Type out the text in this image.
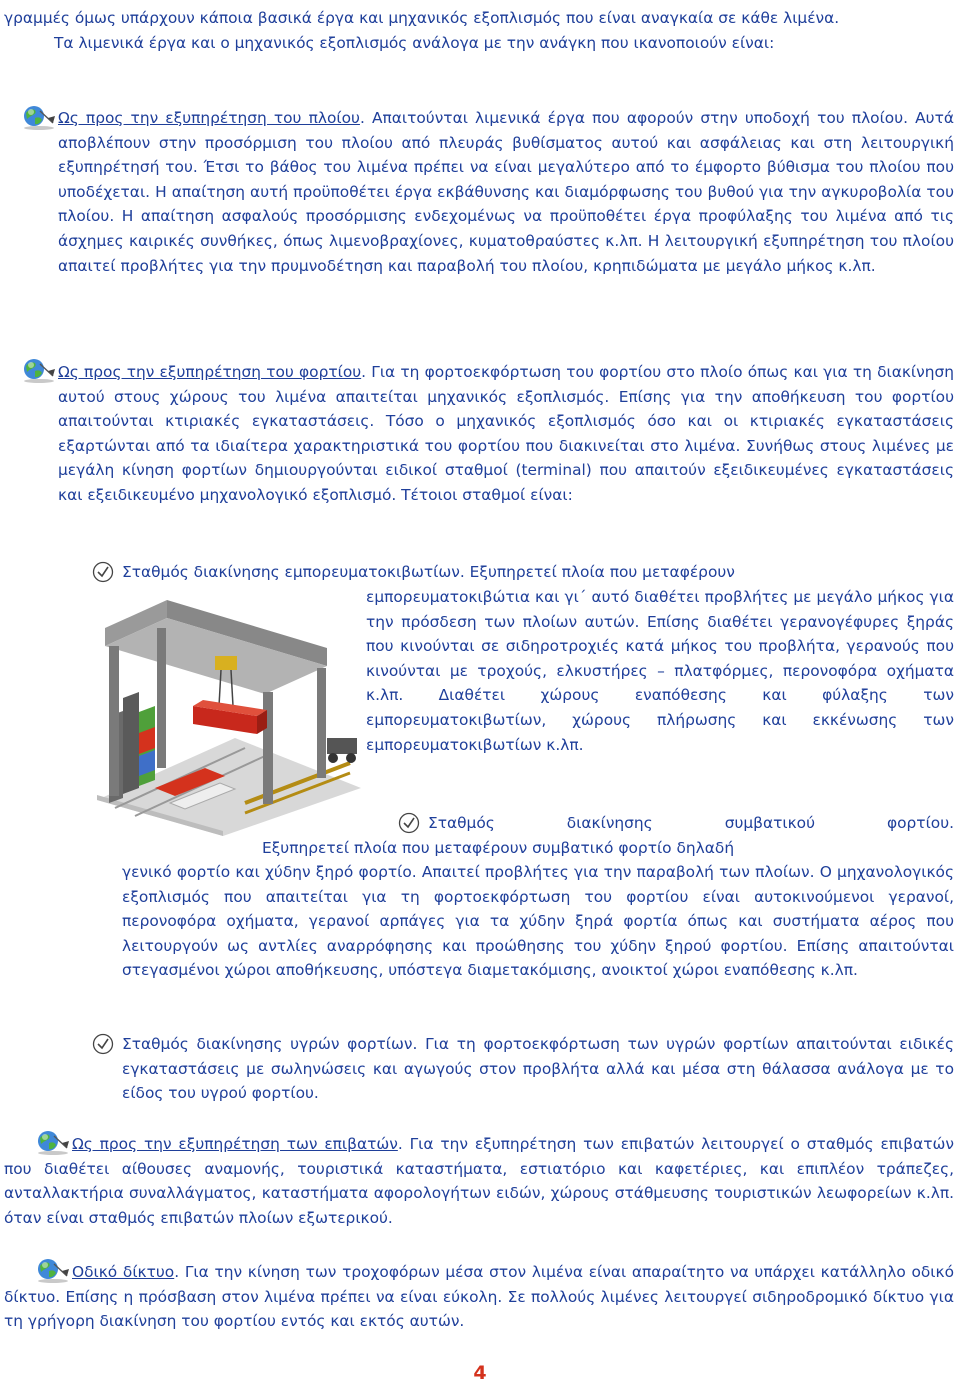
γραμμές όμως υπάρχουν κάποια βασικά έργα και μηχανικός εξοπλισμός που είναι αναγκαία σε κάθε λιμένα.

Τα λιμενικά έργα και ο μηχανικός εξοπλισμός ανάλογα με την ανάγκη που ικανοποιούν είναι:

Ως προς την εξυπηρέτηση του πλοίου. Απαιτούνται λιμενικά έργα που αφορούν στην υποδοχή του πλοίου. Αυτά αποβλέπουν στην προσόρμιση του πλοίου από πλευράς βυθίσματος αυτού και ασφάλειας και στη λειτουργική εξυπηρέτησή του. Έτσι το βάθος του λιμένα πρέπει να είναι μεγαλύτερο από το έμφορτο βύθισμα του πλοίου που υποδέχεται. Η απαίτηση αυτή προϋποθέτει έργα εκβάθυνσης και διαμόρφωσης του βυθού για την αγκυροβολία του πλοίου. Η απαίτηση ασφαλούς προσόρμισης ενδεχομένως να προϋποθέτει έργα προφύλαξης του λιμένα από τις άσχημες καιρικές συνθήκες, όπως λιμενοβραχίονες, κυματοθραύστες κ.λπ. Η λειτουργική εξυπηρέτηση του πλοίου απαιτεί προβλήτες για την πρυμνοδέτηση και παραβολή του πλοίου, κρηπιδώματα με μεγάλο μήκος κ.λπ.

Ως προς την εξυπηρέτηση του φορτίου. Για τη φορτοεκφόρτωση του φορτίου στο πλοίο όπως και για τη διακίνηση αυτού στους χώρους του λιμένα απαιτείται μηχανικός εξοπλισμός. Επίσης για την αποθήκευση του φορτίου απαιτούνται κτιριακές εγκαταστάσεις. Τόσο ο μηχανικός εξοπλισμός όσο και οι κτιριακές εγκαταστάσεις εξαρτώνται από τα ιδιαίτερα χαρακτηριστικά του φορτίου που διακινείται στο λιμένα. Συνήθως στους λιμένες με μεγάλη κίνηση φορτίων δημιουργούνται ειδικοί σταθμοί (terminal) που απαιτούν εξειδικευμένες εγκαταστάσεις και εξειδικευμένο μηχανολογικό εξοπλισμό. Τέτοιοι σταθμοί είναι:

Σταθμός διακίνησης εμπορευματοκιβωτίων. Εξυπηρετεί πλοία που μεταφέρουν

εμπορευματοκιβώτια και γι΄ αυτό διαθέτει προβλήτες με μεγάλο μήκος για την πρόσδεση των πλοίων αυτών. Επίσης διαθέτει γερανογέφυρες ξηράς που κινούνται σε σιδηροτροχιές κατά μήκος του προβλήτα, γερανούς που κινούνται με τροχούς, ελκυστήρες – πλατφόρμες, περονοφόρα οχήματα κ.λπ. Διαθέτει χώρους εναπόθεσης και φύλαξης των εμπορευματοκιβωτίων, χώρους πλήρωσης και εκκένωσης των εμπορευματοκιβωτίων κ.λπ.

Σταθμός διακίνησης συμβατικού φορτίου.

Εξυπηρετεί πλοία που μεταφέρουν συμβατικό φορτίο δηλαδή

γενικό φορτίο και χύδην ξηρό φορτίο. Απαιτεί προβλήτες για την παραβολή των πλοίων. Ο μηχανολογικός εξοπλισμός που απαιτείται για τη φορτοεκφόρτωση του φορτίου είναι αυτοκινούμενοι γερανοί, περονοφόρα οχήματα, γερανοί αρπάγες για τα χύδην ξηρά φορτία όπως και συστήματα αέρος που λειτουργούν ως αντλίες αναρρόφησης και προώθησης του χύδην ξηρού φορτίου. Επίσης απαιτούνται στεγασμένοι χώροι αποθήκευσης, υπόστεγα διαμετακόμισης, ανοικτοί χώροι εναπόθεσης κ.λπ.

Σταθμός διακίνησης υγρών φορτίων. Για τη φορτοεκφόρτωση των υγρών φορτίων απαιτούνται ειδικές εγκαταστάσεις με σωληνώσεις και αγωγούς στον προβλήτα αλλά και μέσα στη θάλασσα ανάλογα με το είδος του υγρού φορτίου.

Ως προς την εξυπηρέτηση των επιβατών. Για την εξυπηρέτηση των επιβατών λειτουργεί ο σταθμός επιβατών που διαθέτει αίθουσες αναμονής, τουριστικά καταστήματα, εστιατόριο και καφετέριες, και επιπλέον τράπεζες, ανταλλακτήρια συναλλάγματος, καταστήματα αφορολογήτων ειδών, χώρους στάθμευσης τουριστικών λεωφορείων κ.λπ. όταν είναι σταθμός επιβατών πλοίων εξωτερικού.

Οδικό δίκτυο. Για την κίνηση των τροχοφόρων μέσα στον λιμένα είναι απαραίτητο να υπάρχει κατάλληλο οδικό δίκτυο. Επίσης η πρόσβαση στον λιμένα πρέπει να είναι εύκολη. Σε πολλούς λιμένες λειτουργεί σιδηροδρομικό δίκτυο για τη γρήγορη διακίνηση του φορτίου εντός και εκτός αυτών.

4
